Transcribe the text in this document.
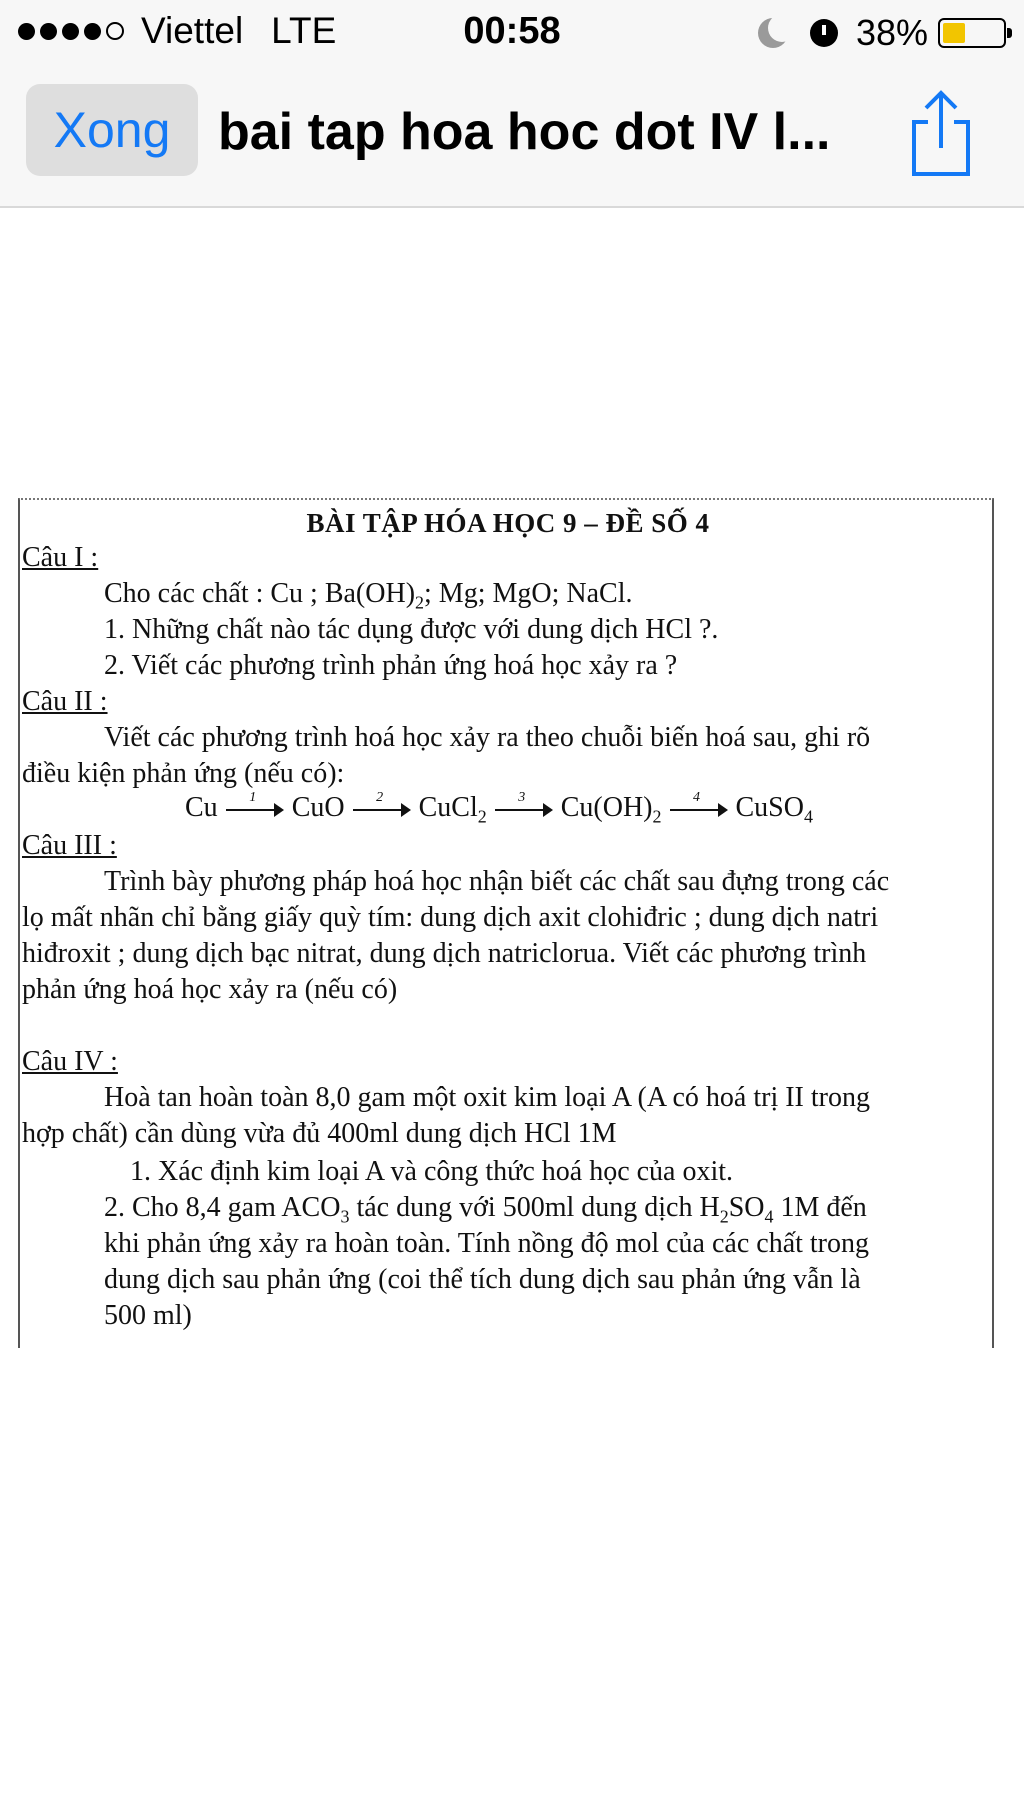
Viettel LTE	00:58	38%
Xong bai tap hoa hoc dot IV l...
BÀI TẬP HÓA HỌC 9 – ĐỀ SỐ 4
Câu I :
Cho các chất : Cu ; $Ba(OH)_2$; Mg; MgO; NaCl.
1. Những chất nào tác dụng được với dung dịch HCl ?.
2. Viết các phương trình phản ứng hoá học xảy ra ?
Câu II :
Viết các phương trình hoá học xảy ra theo chuỗi biến hoá sau, ghi rõ
điều kiện phản ứng (nếu có):
Cu	1	CuO	2	CuCl$_2$
3	$Cu(OH)_2$
4	CuSO$_4$
Câu III :
Trình bày phương pháp hoá học nhận biết các chất sau đựng trong các
lọ mất nhãn chỉ bằng giấy quỳ tím: dung dịch axit clohiđric ; dung dịch natri
hiđroxit ; dung dịch bạc nitrat, dung dịch natriclorua. Viết các phương trình
phản ứng hoá học xảy ra (nếu có)
Câu IV :
Hoà tan hoàn toàn 8,0 gam một oxit kim loại A (A có hoá trị II trong
hợp chất) cần dùng vừa đủ 400ml dung dịch HCl 1M
1. Xác định kim loại A và công thức hoá học của oxit.
2. Cho 8,4 gam $ACO_3$ tác dung với 500ml dung dịch $H_2SO_4$ 1M đến
khi phản ứng xảy ra hoàn toàn. Tính nồng độ mol của các chất trong
dung dịch sau phản ứng (coi thể tích dung dịch sau phản ứng vẫn là
500 ml)
